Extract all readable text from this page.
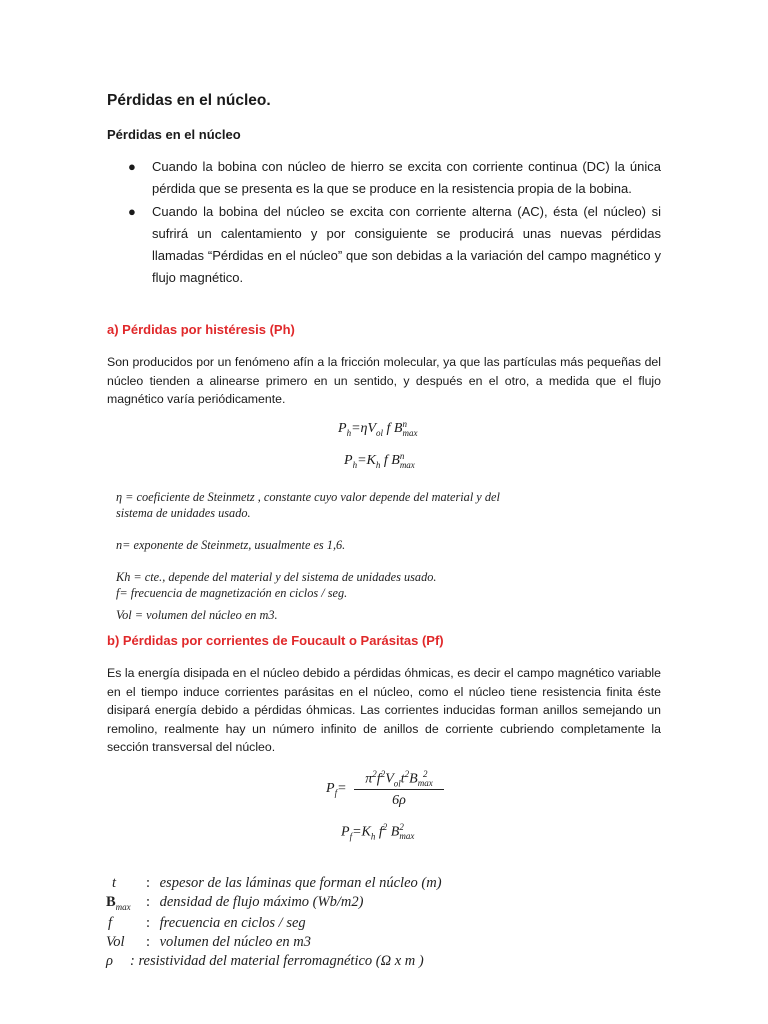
Pérdidas en el núcleo.
Pérdidas en el núcleo
● Cuando la bobina con núcleo de hierro se excita con corriente continua (DC) la única pérdida que se presenta es la que se produce en la resistencia propia de la bobina.
● Cuando la bobina del núcleo se excita con corriente alterna (AC), ésta (el núcleo) si sufrirá un calentamiento y por consiguiente se producirá unas nuevas pérdidas llamadas “Pérdidas en el núcleo” que son debidas a la variación del campo magnético y flujo magnético.
a) Pérdidas por histéresis (Ph)

Son producidos por un fenómeno afín a la fricción molecular, ya que las partículas más pequeñas del núcleo tienden a alinearse primero en un sentido, y después en el otro, a medida que el flujo magnético varía periódicamente.

$P_h=\eta V_{ol}$ f B n
max
$P_h=K_h$ f B n
max
η = coeficiente de Steinmetz , constante cuyo valor depende del material y del
sistema de unidades usado.
n= exponente de Steinmetz, usualmente es 1,6.
Kh = cte., depende del material y del sistema de unidades usado.
f= frecuencia de magnetización en ciclos / seg.
Vol = volumen del núcleo en m3.
b) Pérdidas por corrientes de Foucault o Parásitas (Pf)

Es la energía disipada en el núcleo debido a pérdidas óhmicas, es decir el campo magnético variable en el tiempo induce corrientes parásitas en el núcleo, como el núcleo tiene resistencia finita éste disipará energía debido a pérdidas óhmicas. Las corrientes inducidas forman anillos semejando un remolino, realmente hay un número infinito de anillos de corriente cubriendo completamente la sección transversal del núcleo.

$P_f=$
$\pi^2f^2V_{ol}t^2B$ 2
max
6ρ
$P_f=K_h$ $f^2$ B 2
max
t : espesor de las láminas que forman el núcleo (m)
$B_{max}$ : densidad de flujo máximo (Wb/m2)
f : frecuencia en ciclos / seg
Vol : volumen del núcleo en m3
ρ : resistividad del material ferromagnético (Ω x m )
